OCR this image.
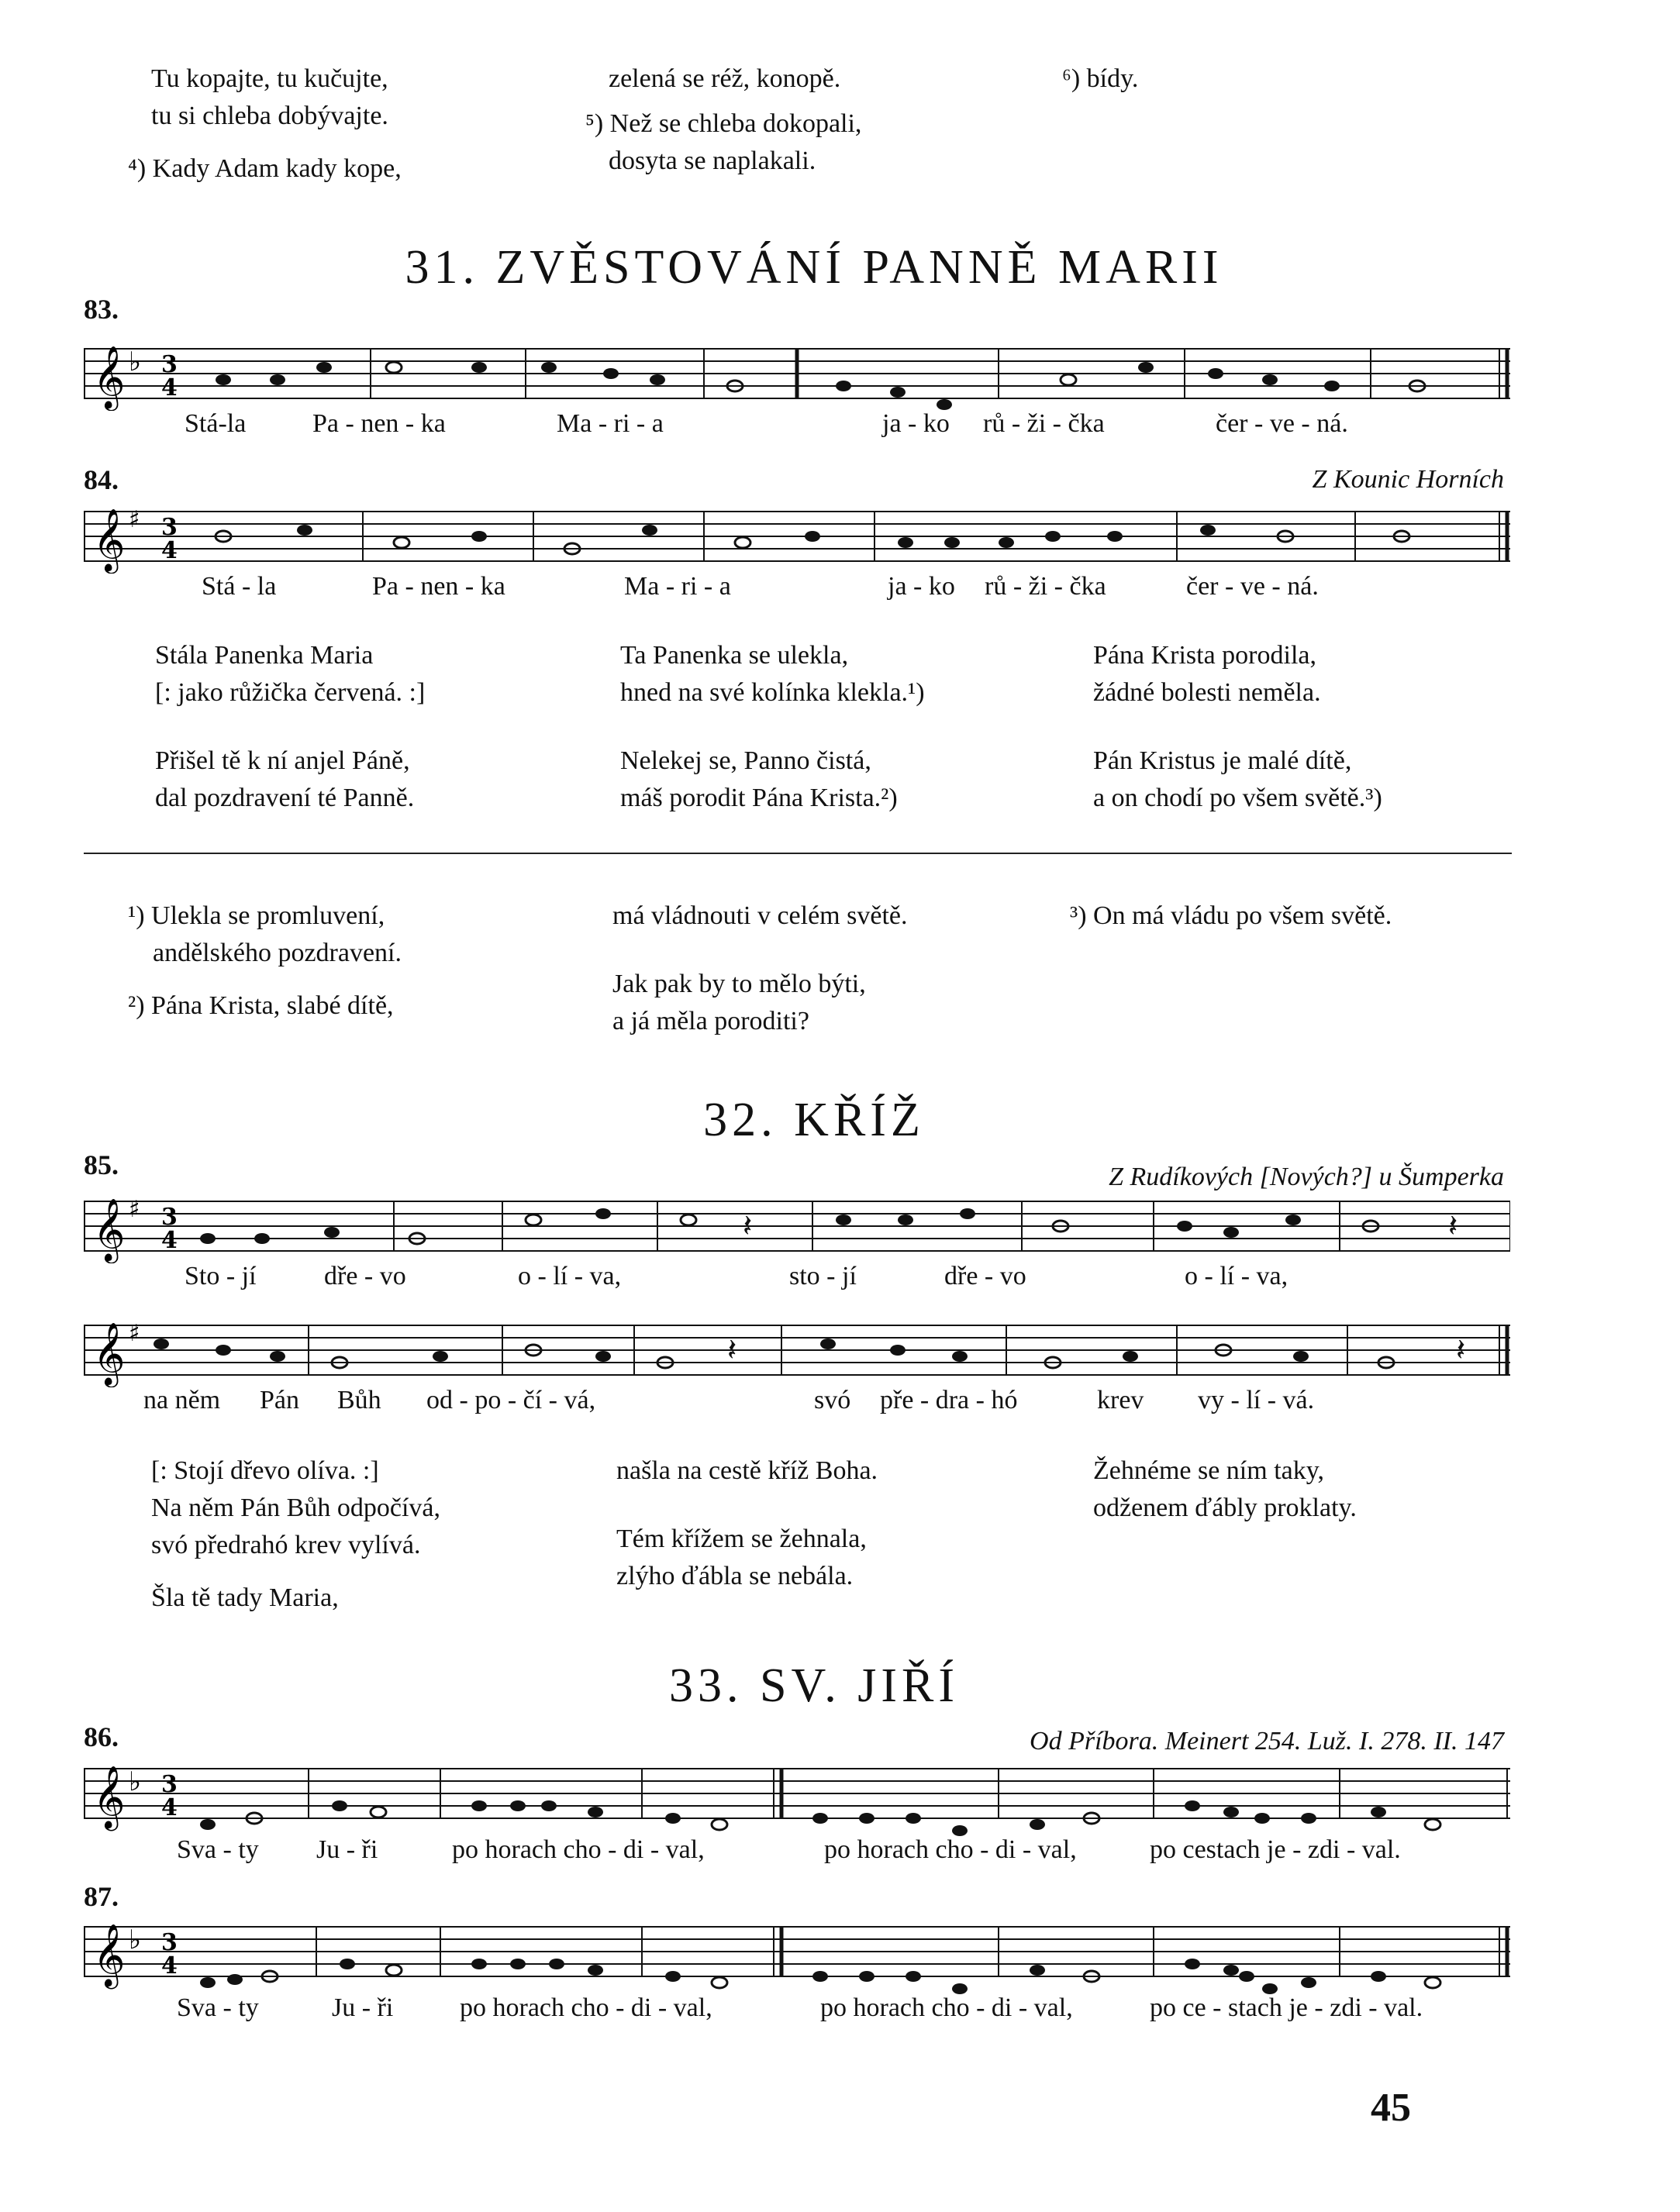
Tu kopajte, tu kučujte,
tu si chleba dobývajte.
⁴) Kady Adam kady kope,
zelená se réž, konopě.
⁵) Než se chleba dokopali,
dosyta se naplakali.
⁶) bídy.
31. ZVĚSTOVÁNÍ PANNĚ MARII
83.
𝄞 ♭ 3
4
Stá-la	Pa - nen - ka	Ma - ri - a	ja - ko rů - ži - čka	čer - ve - ná.
84.	Z Kounic Horních
𝄞 ♯ 3
4
Stá - la	Pa - nen - ka	Ma - ri - a	ja - ko rů - ži - čka	čer - ve - ná.
Stála Panenka Maria
[: jako růžička červená. :]
Přišel tě k ní anjel Páně,
dal pozdravení té Panně.
Ta Panenka se ulekla,
hned na své kolínka klekla.¹)
Nelekej se, Panno čistá,
máš porodit Pána Krista.²)
Pána Krista porodila,
žádné bolesti neměla.
Pán Kristus je malé dítě,
a on chodí po všem světě.³)
¹) Ulekla se promluvení,
andělského pozdravení.
²) Pána Krista, slabé dítě,
má vládnouti v celém světě.
Jak pak by to mělo býti,
a já měla poroditi?
³) On má vládu po všem světě.
32. KŘÍŽ
85.	Z Rudíkových [Nových?] u Šumperka
𝄞 ♯ 3
4	𝄽	𝄽
Sto - jí	dře - vo	o - lí - va,	sto - jí	dře - vo	o - lí - va,
𝄞 ♯	𝄽	𝄽
na něm Pán Bůh od - po - čí - vá,	svó pře - dra - hó	krev vy - lí - vá.
[: Stojí dřevo olíva. :]
Na něm Pán Bůh odpočívá,
svó předrahó krev vylívá.
Šla tě tady Maria,
našla na cestě kříž Boha.
Tém křížem se žehnala,
zlýho ďábla se nebála.
Žehnéme se ním taky,
odženem ďábly proklaty.
33. SV. JIŘÍ
86.	Od Příbora. Meinert 254. Luž. I. 278. II. 147
𝄞 ♭ 3
4
Sva - ty Ju - ři	po horach cho - di - val,	po horach cho - di - val,	po cestach je - zdi - val.
87.
𝄞 ♭ 3
4
Sva - ty	Ju - ři	po horach cho - di - val,	po horach cho - di - val,	po ce - stach je - zdi - val.
45
